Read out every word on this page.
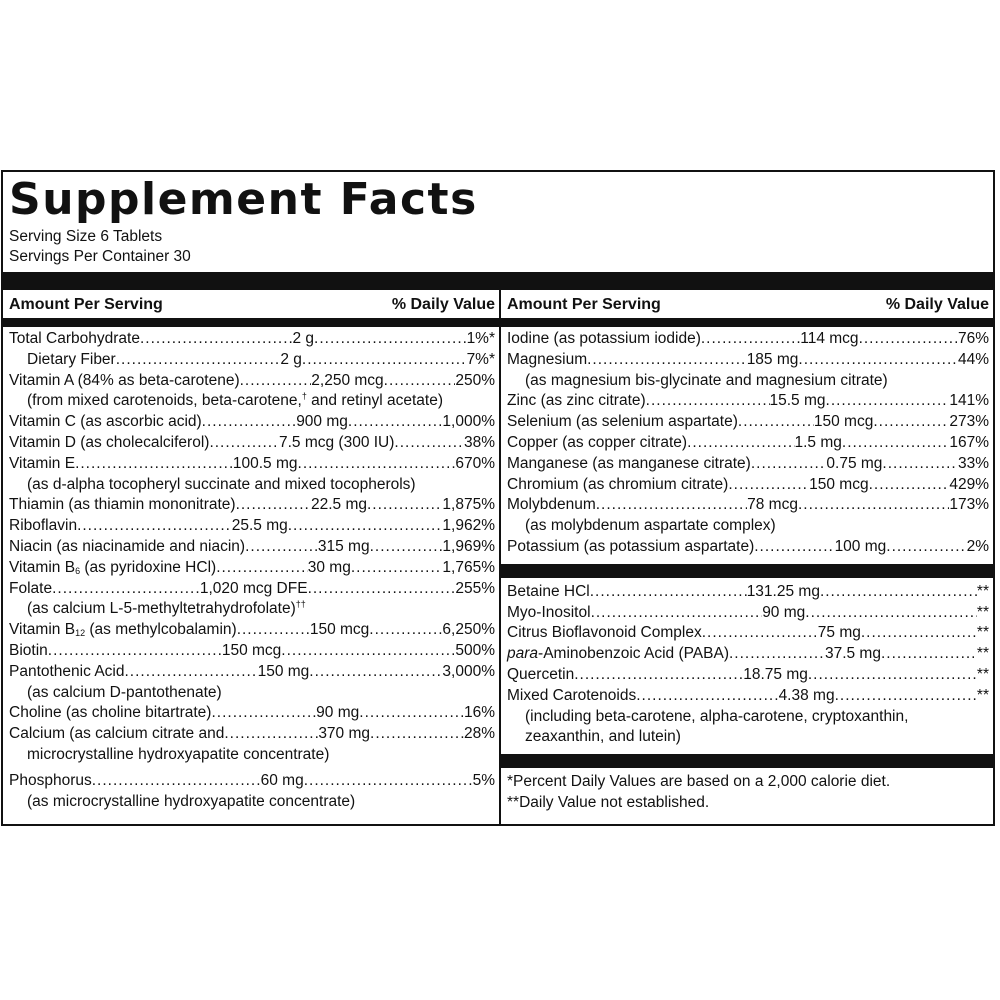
Supplement Facts
Serving Size 6 Tablets
Servings Per Container 30
Amount Per Serving	% Daily Value
Total Carbohydrate .....	2 g .....	1%*
Dietary Fiber .....	2 g .....	7%*
Vitamin A (84% as beta-carotene) .....	2,250 mcg .....	250%
(from mixed carotenoids, beta-carotene,† and retinyl acetate)
Vitamin C (as ascorbic acid) .....	900 mg .....	1,000%
Vitamin D (as cholecalciferol) .....	7.5 mcg (300 IU) .....	38%
Vitamin E .....	100.5 mg .....	670%
(as d-alpha tocopheryl succinate and mixed tocopherols)
Thiamin (as thiamin mononitrate) .....	22.5 mg .....	1,875%
Riboflavin .....	25.5 mg .....	1,962%
Niacin (as niacinamide and niacin) .....	315 mg .....	1,969%
Vitamin $B_6$ (as pyridoxine HCl) .....	30 mg .....	1,765%
Folate .....	1,020 mcg DFE .....	255%
(as calcium L-5-methyltetrahydrofolate)††
Vitamin $B_{12}$ (as methylcobalamin) .....	150 mcg .....	6,250%
Biotin .....	150 mcg .....	500%
Pantothenic Acid .....	150 mg .....	3,000%
(as calcium D-pantothenate)
Choline (as choline bitartrate) .....	90 mg .....	16%
Calcium (as calcium citrate and .....	370 mg .....	28%
microcrystalline hydroxyapatite concentrate)
Phosphorus .....	60 mg .....	5%
(as microcrystalline hydroxyapatite concentrate)
Amount Per Serving	% Daily Value
Iodine (as potassium iodide) .....	114 mcg .....	76%
Magnesium .....	185 mg .....	44%
(as magnesium bis-glycinate and magnesium citrate)
Zinc (as zinc citrate) .....	15.5 mg .....	141%
Selenium (as selenium aspartate) .....	150 mcg .....	273%
Copper (as copper citrate) .....	1.5 mg .....	167%
Manganese (as manganese citrate) .....	0.75 mg .....	33%
Chromium (as chromium citrate) .....	150 mcg .....	429%
Molybdenum .....	78 mcg .....	173%
(as molybdenum aspartate complex)
Potassium (as potassium aspartate) .....	100 mg .....	2%
Betaine HCl .....	131.25 mg .....	**
Myo-Inositol .....	90 mg .....	**
Citrus Bioflavonoid Complex .....	75 mg .....	**
para-Aminobenzoic Acid (PABA) .....	37.5 mg .....	**
Quercetin .....	18.75 mg .....	**
Mixed Carotenoids .....	4.38 mg .....	**
(including beta-carotene, alpha-carotene, cryptoxanthin,
zeaxanthin, and lutein)
*Percent Daily Values are based on a 2,000 calorie diet.
**Daily Value not established.
